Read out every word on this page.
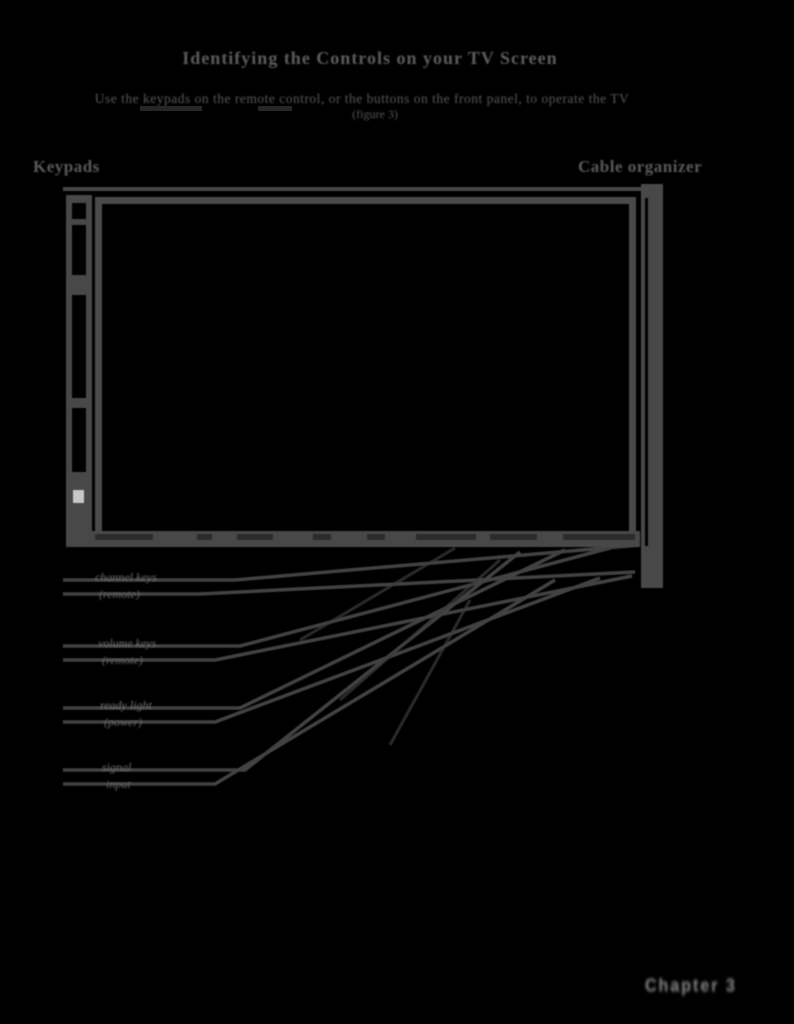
Identifying the Controls on your TV Screen
Use the keypads on the remote control, or the buttons on the front panel, to operate the TV
(figure 3)
Keypads	Cable organizer
channel keys
(remote)
volume keys
(remote)
ready light
(power)
signal
input
Chapter 3
